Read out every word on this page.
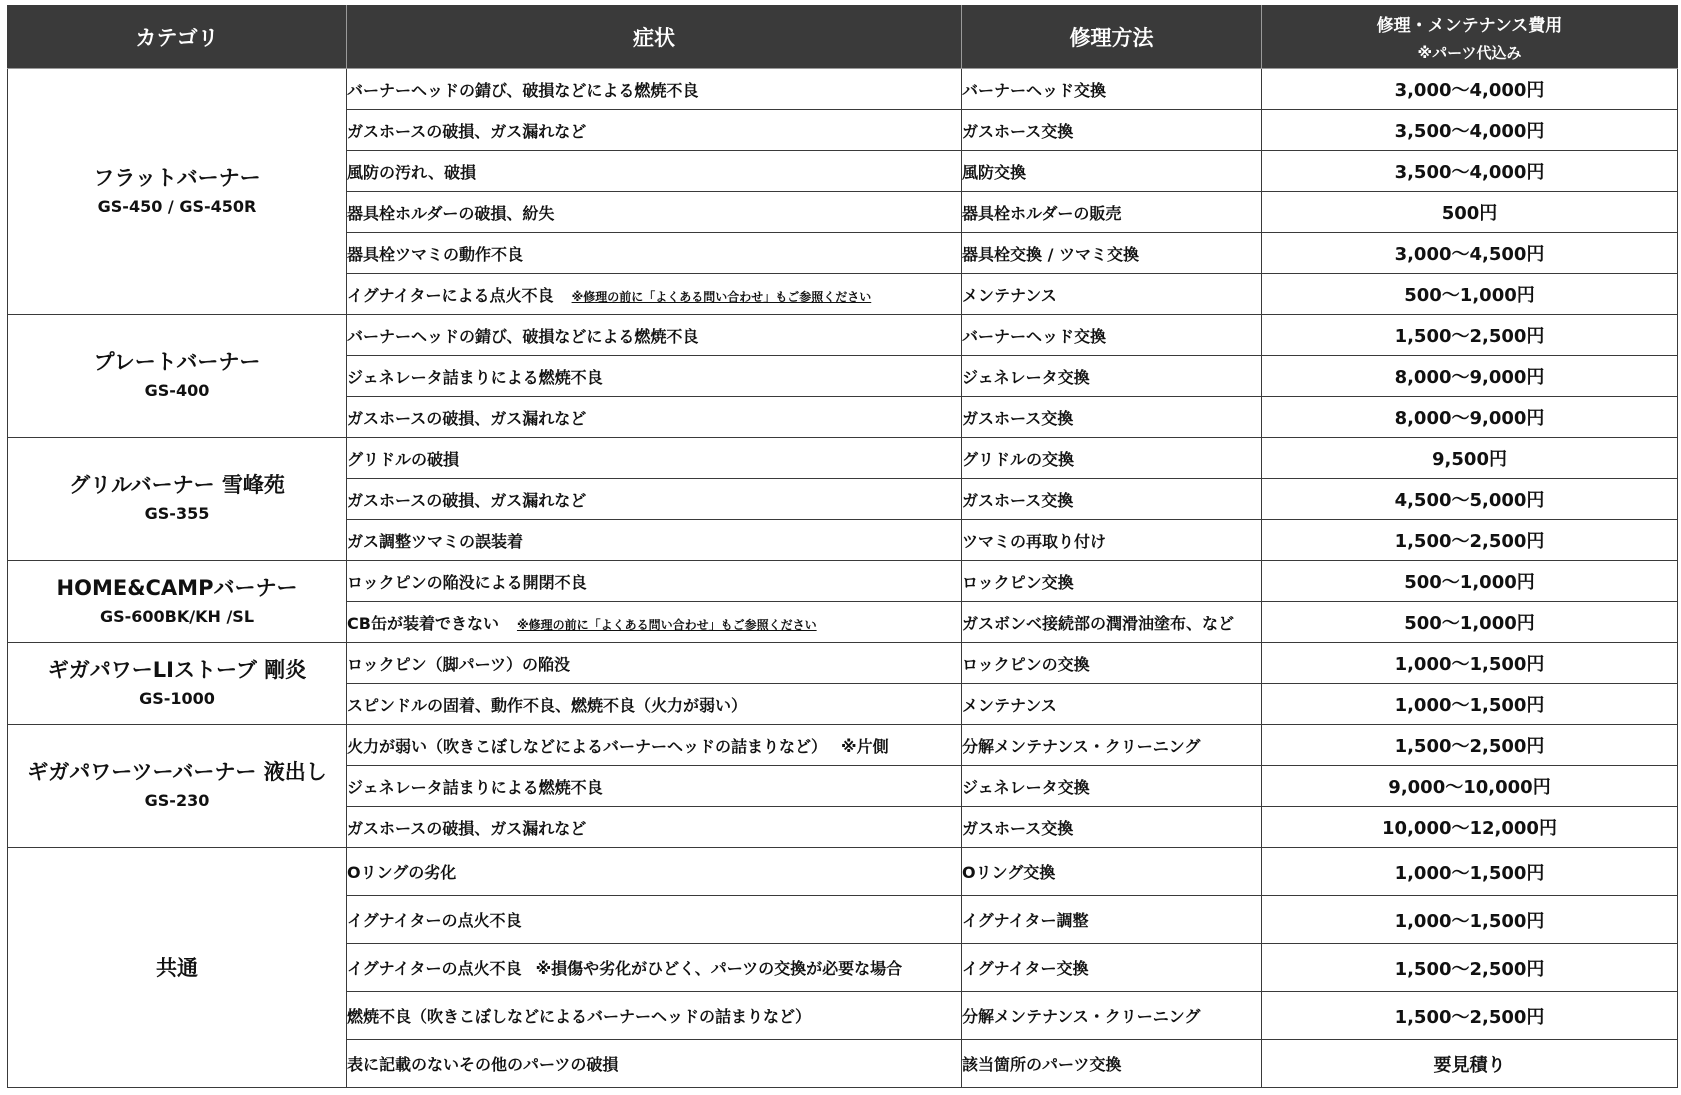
カテゴリ	症状	修理方法	修理・メンテナンス費用
※パーツ代込み

フラットバーナー
GS-450 / GS-450R	バーナーヘッドの錆び、破損などによる燃焼不良	バーナーヘッド交換	3,000～4,000円
	ガスホースの破損、ガス漏れなど	ガスホース交換	3,500～4,000円
	風防の汚れ、破損	風防交換	3,500～4,000円
	器具栓ホルダーの破損、紛失	器具栓ホルダーの販売	500円
	器具栓ツマミの動作不良	器具栓交換 / ツマミ交換	3,000～4,500円
	イグナイターによる点火不良 ※修理の前に「よくある問い合わせ」もご参照ください	メンテナンス	500～1,000円

プレートバーナー
GS-400	バーナーヘッドの錆び、破損などによる燃焼不良	バーナーヘッド交換	1,500～2,500円
	ジェネレータ詰まりによる燃焼不良	ジェネレータ交換	8,000～9,000円
	ガスホースの破損、ガス漏れなど	ガスホース交換	8,000～9,000円

グリルバーナー 雪峰苑
GS-355	グリドルの破損	グリドルの交換	9,500円
	ガスホースの破損、ガス漏れなど	ガスホース交換	4,500～5,000円
	ガス調整ツマミの誤装着	ツマミの再取り付け	1,500～2,500円

HOME&CAMPバーナー
GS-600BK/KH /SL	ロックピンの陥没による開閉不良	ロックピン交換	500～1,000円
	CB缶が装着できない ※修理の前に「よくある問い合わせ」もご参照ください	ガスボンベ接続部の潤滑油塗布、など	500～1,000円

ギガパワーLIストーブ 剛炎
GS-1000	ロックピン（脚パーツ）の陥没	ロックピンの交換	1,000～1,500円
	スピンドルの固着、動作不良、燃焼不良（火力が弱い）	メンテナンス	1,000～1,500円

ギガパワーツーバーナー 液出し
GS-230	火力が弱い（吹きこぼしなどによるバーナーヘッドの詰まりなど） ※片側	分解メンテナンス・クリーニング	1,500～2,500円
	ジェネレータ詰まりによる燃焼不良	ジェネレータ交換	9,000～10,000円
	ガスホースの破損、ガス漏れなど	ガスホース交換	10,000～12,000円

共通	Oリングの劣化	Oリング交換	1,000～1,500円
	イグナイターの点火不良	イグナイター調整	1,000～1,500円
	イグナイターの点火不良 ※損傷や劣化がひどく、パーツの交換が必要な場合	イグナイター交換	1,500～2,500円
	燃焼不良（吹きこぼしなどによるバーナーヘッドの詰まりなど）	分解メンテナンス・クリーニング	1,500～2,500円
	表に記載のないその他のパーツの破損	該当箇所のパーツ交換	要見積り
